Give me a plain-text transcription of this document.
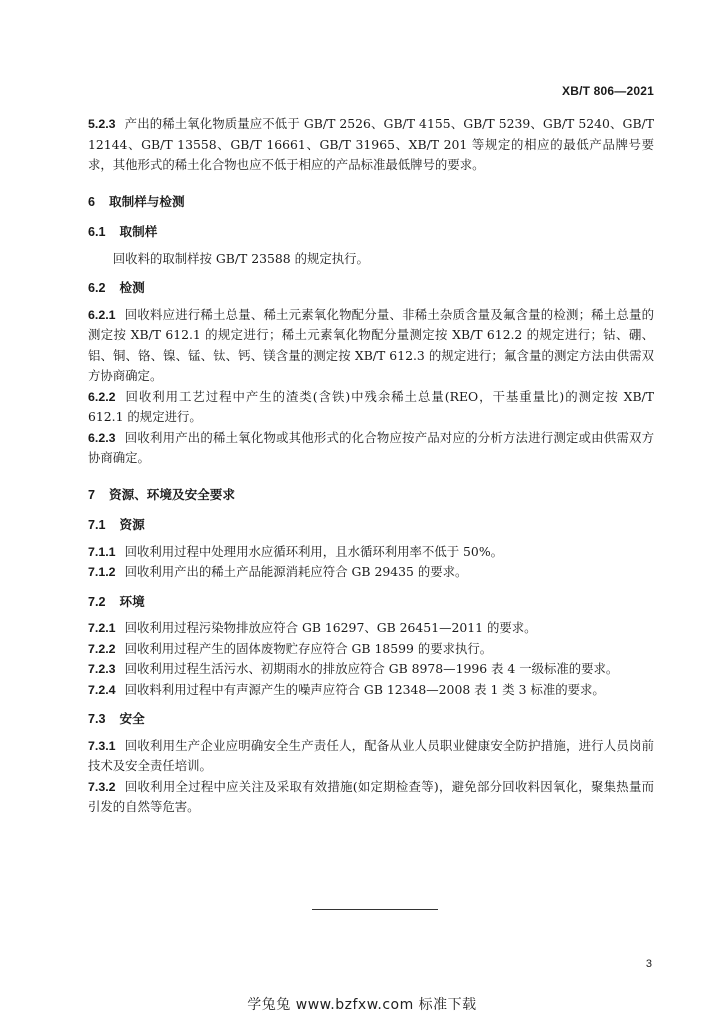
XB/T 806—2021

5.2.3 产出的稀土氧化物质量应不低于 GB/T 2526、GB/T 4155、GB/T 5239、GB/T 5240、GB/T 12144、GB/T 13558、GB/T 16661、GB/T 31965、XB/T 201 等规定的相应的最低产品牌号要求，其他形式的稀土化合物也应不低于相应的产品标准最低牌号的要求。

6 取制样与检测
6.1 取制样

回收料的取制样按 GB/T 23588 的规定执行。

6.2 检测

6.2.1 回收料应进行稀土总量、稀土元素氧化物配分量、非稀土杂质含量及氟含量的检测；稀土总量的测定按 XB/T 612.1 的规定进行；稀土元素氧化物配分量测定按 XB/T 612.2 的规定进行；钴、硼、铝、铜、铬、镍、锰、钛、钙、镁含量的测定按 XB/T 612.3 的规定进行；氟含量的测定方法由供需双方协商确定。

6.2.2 回收利用工艺过程中产生的渣类(含铁)中残余稀土总量(REO，干基重量比)的测定按 XB/T 612.1 的规定进行。

6.2.3 回收利用产出的稀土氧化物或其他形式的化合物应按产品对应的分析方法进行测定或由供需双方协商确定。

7 资源、环境及安全要求
7.1 资源

7.1.1 回收利用过程中处理用水应循环利用，且水循环利用率不低于 50%。

7.1.2 回收利用产出的稀土产品能源消耗应符合 GB 29435 的要求。

7.2 环境

7.2.1 回收利用过程污染物排放应符合 GB 16297、GB 26451—2011 的要求。

7.2.2 回收利用过程产生的固体废物贮存应符合 GB 18599 的要求执行。

7.2.3 回收利用过程生活污水、初期雨水的排放应符合 GB 8978—1996 表 4 一级标准的要求。

7.2.4 回收料利用过程中有声源产生的噪声应符合 GB 12348—2008 表 1 类 3 标准的要求。

7.3 安全

7.3.1 回收利用生产企业应明确安全生产责任人，配备从业人员职业健康安全防护措施，进行人员岗前技术及安全责任培训。

7.3.2 回收利用全过程中应关注及采取有效措施(如定期检查等)，避免部分回收料因氧化，聚集热量而引发的自然等危害。

3
学兔兔 www.bzfxw.com 标准下载
